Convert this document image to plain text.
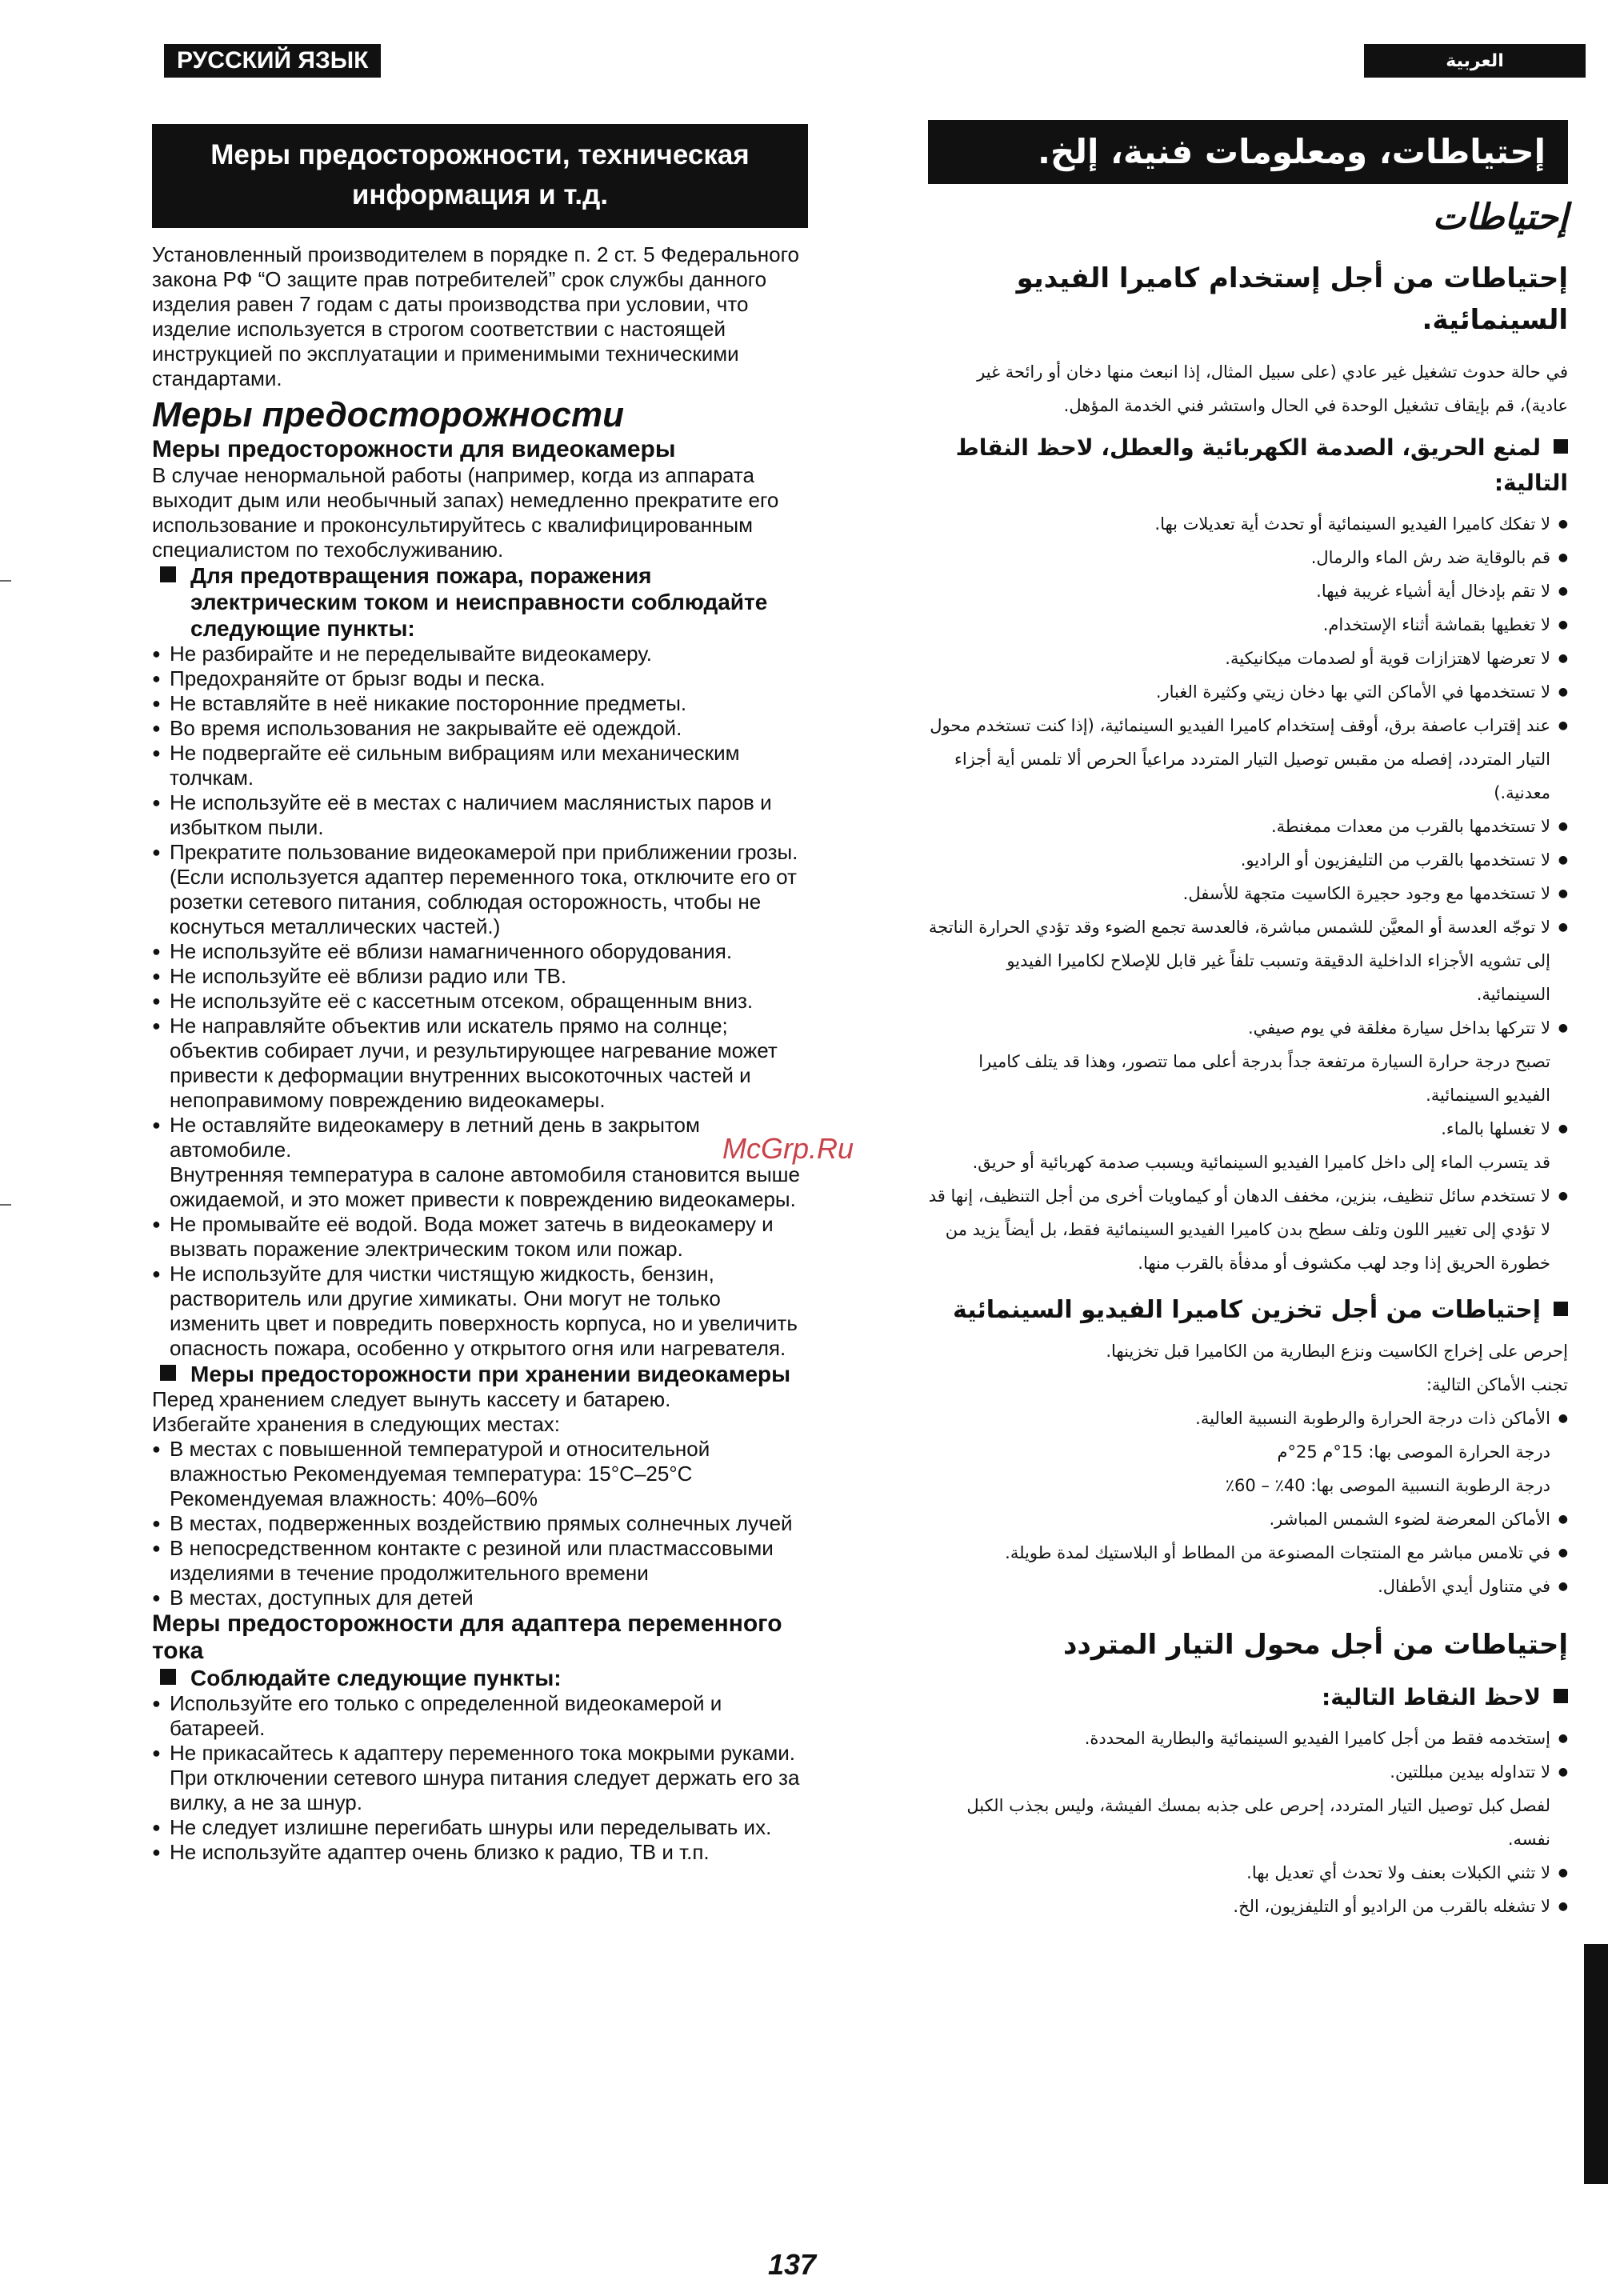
РУССКИЙ ЯЗЫК	العربية
Меры предосторожности, техническая информация и т.д.

Установленный производителем в порядке п. 2 ст. 5 Федерального закона РФ “О защите прав потребителей” срок службы данного изделия равен 7 годам с даты производства при условии, что изделие используется в строгом соответствии с настоящей инструкцией по эксплуатации и применимыми техническими стандартами.

Меры предосторожности
Меры предосторожности для видеокамеры

В случае ненормальной работы (например, когда из аппарата выходит дым или необычный запах) немедленно прекратите его использование и проконсультируйтесь с квалифицированным специалистом по техобслуживанию.

Для предотвращения пожара, поражения электрическим током и неисправности соблюдайте следующие пункты:
● Не разбирайте и не переделывайте видеокамеру.
● Предохраняйте от брызг воды и песка.
● Не вставляйте в неё никакие посторонние предметы.
● Во время использования не закрывайте её одеждой.
● Не подвергайте её сильным вибрациям или механическим толчкам.
● Не используйте её в местах с наличием маслянистых паров и избытком пыли.
● Прекратите пользование видеокамерой при приближении грозы.
(Если используется адаптер переменного тока, отключите его от розетки сетевого питания, соблюдая осторожность, чтобы не коснуться металлических частей.)
● Не используйте её вблизи намагниченного оборудования.
● Не используйте её вблизи радио или ТВ.
● Не используйте её с кассетным отсеком, обращенным вниз.
● Не направляйте объектив или искатель прямо на солнце; объектив собирает лучи, и результирующее нагревание может привести к деформации внутренних высокоточных частей и непоправимому повреждению видеокамеры.
● Не оставляйте видеокамеру в летний день в закрытом автомобиле.
Внутренняя температура в салоне автомобиля становится выше ожидаемой, и это может привести к повреждению видеокамеры.
● Не промывайте её водой. Вода может затечь в видеокамеру и вызвать поражение электрическим током или пожар.
● Не используйте для чистки чистящую жидкость, бензин, растворитель или другие химикаты. Они могут не только изменить цвет и повредить поверхность корпуса, но и увеличить опасность пожара, особенно у открытого огня или нагревателя.
Меры предосторожности при хранении видеокамеры

Перед хранением следует вынуть кассету и батарею.
Избегайте хранения в следующих местах:

● В местах с повышенной температурой и относительной влажностью Рекомендуемая температура: 15°C–25°C
Рекомендуемая влажность: 40%–60%
● В местах, подверженных воздействию прямых солнечных лучей
● В непосредственном контакте с резиной или пластмассовыми изделиями в течение продолжительного времени
● В местах, доступных для детей
Меры предосторожности для адаптера переменного тока
Соблюдайте следующие пункты:
● Используйте его только с определенной видеокамерой и батареей.
● Не прикасайтесь к адаптеру переменного тока мокрыми руками.
При отключении сетевого шнура питания следует держать его за вилку, а не за шнур.
● Не следует излишне перегибать шнуры или переделывать их.
● Не используйте адаптер очень близко к радио, ТВ и т.п.
إحتياطات، ومعلومات فنية، إلخ.
إحتياطات
إحتياطات من أجل إستخدام كاميرا الفيديو السينمائية.

في حالة حدوث تشغيل غير عادي (على سبيل المثال، إذا انبعث منها دخان أو رائحة غير عادية)، قم بإيقاف تشغيل الوحدة في الحال واستشر فني الخدمة المؤهل.

لمنع الحريق، الصدمة الكهربائية والعطل، لاحظ النقاط التالية:
● لا تفكك كاميرا الفيديو السينمائية أو تحدث أية تعديلات بها.
● قم بالوقاية ضد رش الماء والرمال.
● لا تقم بإدخال أية أشياء غريبة فيها.
● لا تغطيها بقماشة أثناء الإستخدام.
● لا تعرضها لاهتزازات قوية أو لصدمات ميكانيكية.
● لا تستخدمها في الأماكن التي بها دخان زيتي وكثيرة الغبار.
● عند إقتراب عاصفة برق، أوقف إستخدام كاميرا الفيديو السينمائية، (إذا كنت تستخدم محول التيار المتردد، إفصله من مقبس توصيل التيار المتردد مراعياً الحرص ألا تلمس أية أجزاء معدنية.)
● لا تستخدمها بالقرب من معدات ممغنطة.
● لا تستخدمها بالقرب من التليفزيون أو الراديو.
● لا تستخدمها مع وجود حجيرة الكاسيت متجهة للأسفل.
● لا توجّه العدسة أو المعيَّن للشمس مباشرة، فالعدسة تجمع الضوء وقد تؤدي الحرارة الناتجة إلى تشويه الأجزاء الداخلية الدقيقة وتسبب تلفاً غير قابل للإصلاح لكاميرا الفيديو السينمائية.
● لا تتركها بداخل سيارة مغلقة في يوم صيفي.
تصبح درجة حرارة السيارة مرتفعة جداً بدرجة أعلى مما تتصور، وهذا قد يتلف كاميرا الفيديو السينمائية.
● لا تغسلها بالماء.
قد يتسرب الماء إلى داخل كاميرا الفيديو السينمائية ويسبب صدمة كهربائية أو حريق.
● لا تستخدم سائل تنظيف، بنزين، مخفف الدهان أو كيماويات أخرى من أجل التنظيف، إنها قد لا تؤدي إلى تغيير اللون وتلف سطح بدن كاميرا الفيديو السينمائية فقط، بل أيضاً يزيد من خطورة الحريق إذا وجد لهب مكشوف أو مدفأة بالقرب منها.
إحتياطات من أجل تخزين كاميرا الفيديو السينمائية

إحرص على إخراج الكاسيت ونزع البطارية من الكاميرا قبل تخزينها.
تجنب الأماكن التالية:

● الأماكن ذات درجة الحرارة والرطوبة النسبية العالية.
درجة الحرارة الموصى بها: 15°م 25°م
درجة الرطوبة النسبية الموصى بها: 40٪ – 60٪
● الأماكن المعرضة لضوء الشمس المباشر.
● في تلامس مباشر مع المنتجات المصنوعة من المطاط أو البلاستيك لمدة طويلة.
● في متناول أيدي الأطفال.
إحتياطات من أجل محول التيار المتردد
لاحظ النقاط التالية:
● إستخدمه فقط من أجل كاميرا الفيديو السينمائية والبطارية المحددة.
● لا تتداوله بيدين مبللتين.
لفصل كبل توصيل التيار المتردد، إحرص على جذبه بمسك الفيشة، وليس بجذب الكبل نفسه.
● لا تثني الكبلات بعنف ولا تحدث أي تعديل بها.
● لا تشغله بالقرب من الراديو أو التليفزيون، الخ.
McGrp.Ru
137
